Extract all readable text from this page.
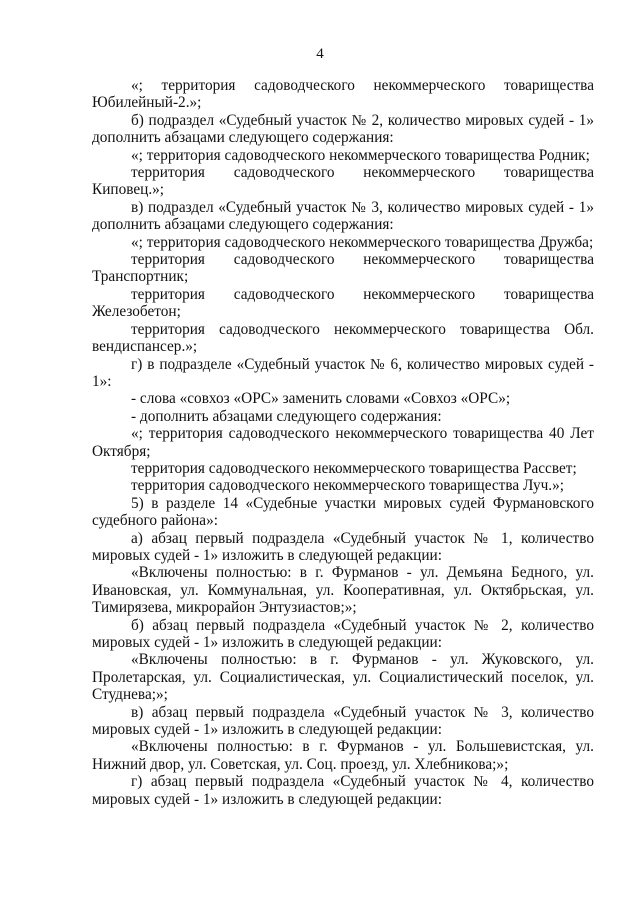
4

«; территория садоводческого некоммерческого товарищества Юбилейный-2.»;

б) подраздел «Судебный участок № 2, количество мировых судей - 1» дополнить абзацами следующего содержания:

«; территория садоводческого некоммерческого товарищества Родник;

территория садоводческого некоммерческого товарищества Киповец.»;

в) подраздел «Судебный участок № 3, количество мировых судей - 1» дополнить абзацами следующего содержания:

«; территория садоводческого некоммерческого товарищества Дружба;

территория садоводческого некоммерческого товарищества Транспортник;

территория садоводческого некоммерческого товарищества Железобетон;

территория садоводческого некоммерческого товарищества Обл. вендиспансер.»;

г) в подразделе «Судебный участок № 6, количество мировых судей - 1»:

- слова «совхоз «ОРС» заменить словами «Совхоз «ОРС»;

- дополнить абзацами следующего содержания:

«; территория садоводческого некоммерческого товарищества 40 Лет Октября;

территория садоводческого некоммерческого товарищества Рассвет;

территория садоводческого некоммерческого товарищества Луч.»;

5) в разделе 14 «Судебные участки мировых судей Фурмановского судебного района»:

а) абзац первый подраздела «Судебный участок № 1, количество мировых судей - 1» изложить в следующей редакции:

«Включены полностью: в г. Фурманов - ул. Демьяна Бедного, ул. Ивановская, ул. Коммунальная, ул. Кооперативная, ул. Октябрьская, ул. Тимирязева, микрорайон Энтузиастов;»;

б) абзац первый подраздела «Судебный участок № 2, количество мировых судей - 1» изложить в следующей редакции:

«Включены полностью: в г. Фурманов - ул. Жуковского, ул. Пролетарская, ул. Социалистическая, ул. Социалистический поселок, ул. Студнева;»;

в) абзац первый подраздела «Судебный участок № 3, количество мировых судей - 1» изложить в следующей редакции:

«Включены полностью: в г. Фурманов - ул. Большевистская, ул. Нижний двор, ул. Советская, ул. Соц. проезд, ул. Хлебникова;»;

г) абзац первый подраздела «Судебный участок № 4, количество мировых судей - 1» изложить в следующей редакции:
